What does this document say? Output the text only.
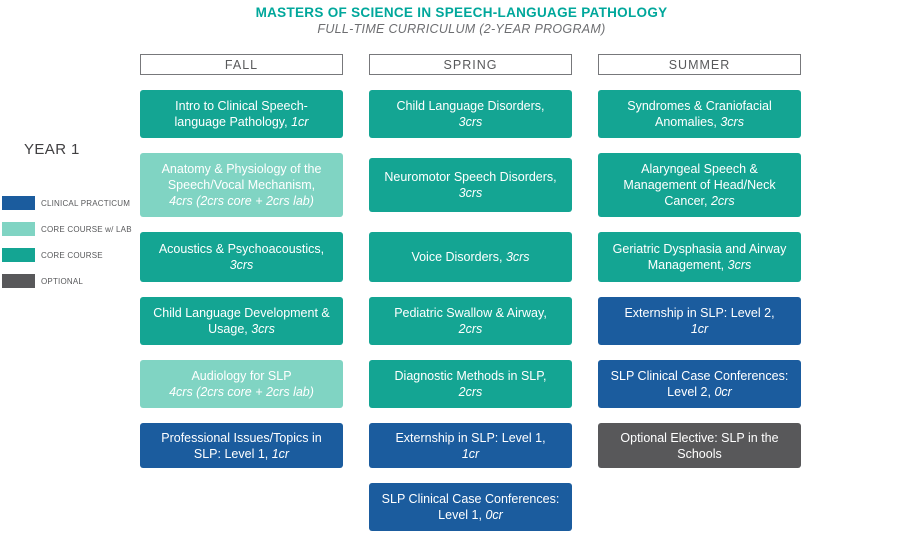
MASTERS OF SCIENCE IN SPEECH-LANGUAGE PATHOLOGY
FULL-TIME CURRICULUM (2-YEAR PROGRAM)
YEAR 1
CLINICAL PRACTICUM
CORE COURSE w/ LAB
CORE COURSE
OPTIONAL
FALL	SPRING	SUMMER
Intro to Clinical Speech-language Pathology, 1cr
Child Language Disorders,
3crs
Syndromes & Craniofacial Anomalies, 3crs
Anatomy & Physiology of the Speech/Vocal Mechanism,
4crs (2crs core + 2crs lab)
Neuromotor Speech Disorders, 3crs
Alaryngeal Speech & Management of Head/Neck Cancer, 2crs
Acoustics & Psychoacoustics, 3crs
Voice Disorders, 3crs
Geriatric Dysphasia and Airway Management, 3crs
Child Language Development & Usage, 3crs
Pediatric Swallow & Airway,
2crs
Externship in SLP: Level 2,
1cr
Audiology for SLP
4crs (2crs core + 2crs lab)
Diagnostic Methods in SLP,
2crs
SLP Clinical Case Conferences: Level 2, 0cr
Professional Issues/Topics in SLP: Level 1, 1cr
Externship in SLP: Level 1,
1cr
Optional Elective: SLP in the Schools
SLP Clinical Case Conferences: Level 1, 0cr
